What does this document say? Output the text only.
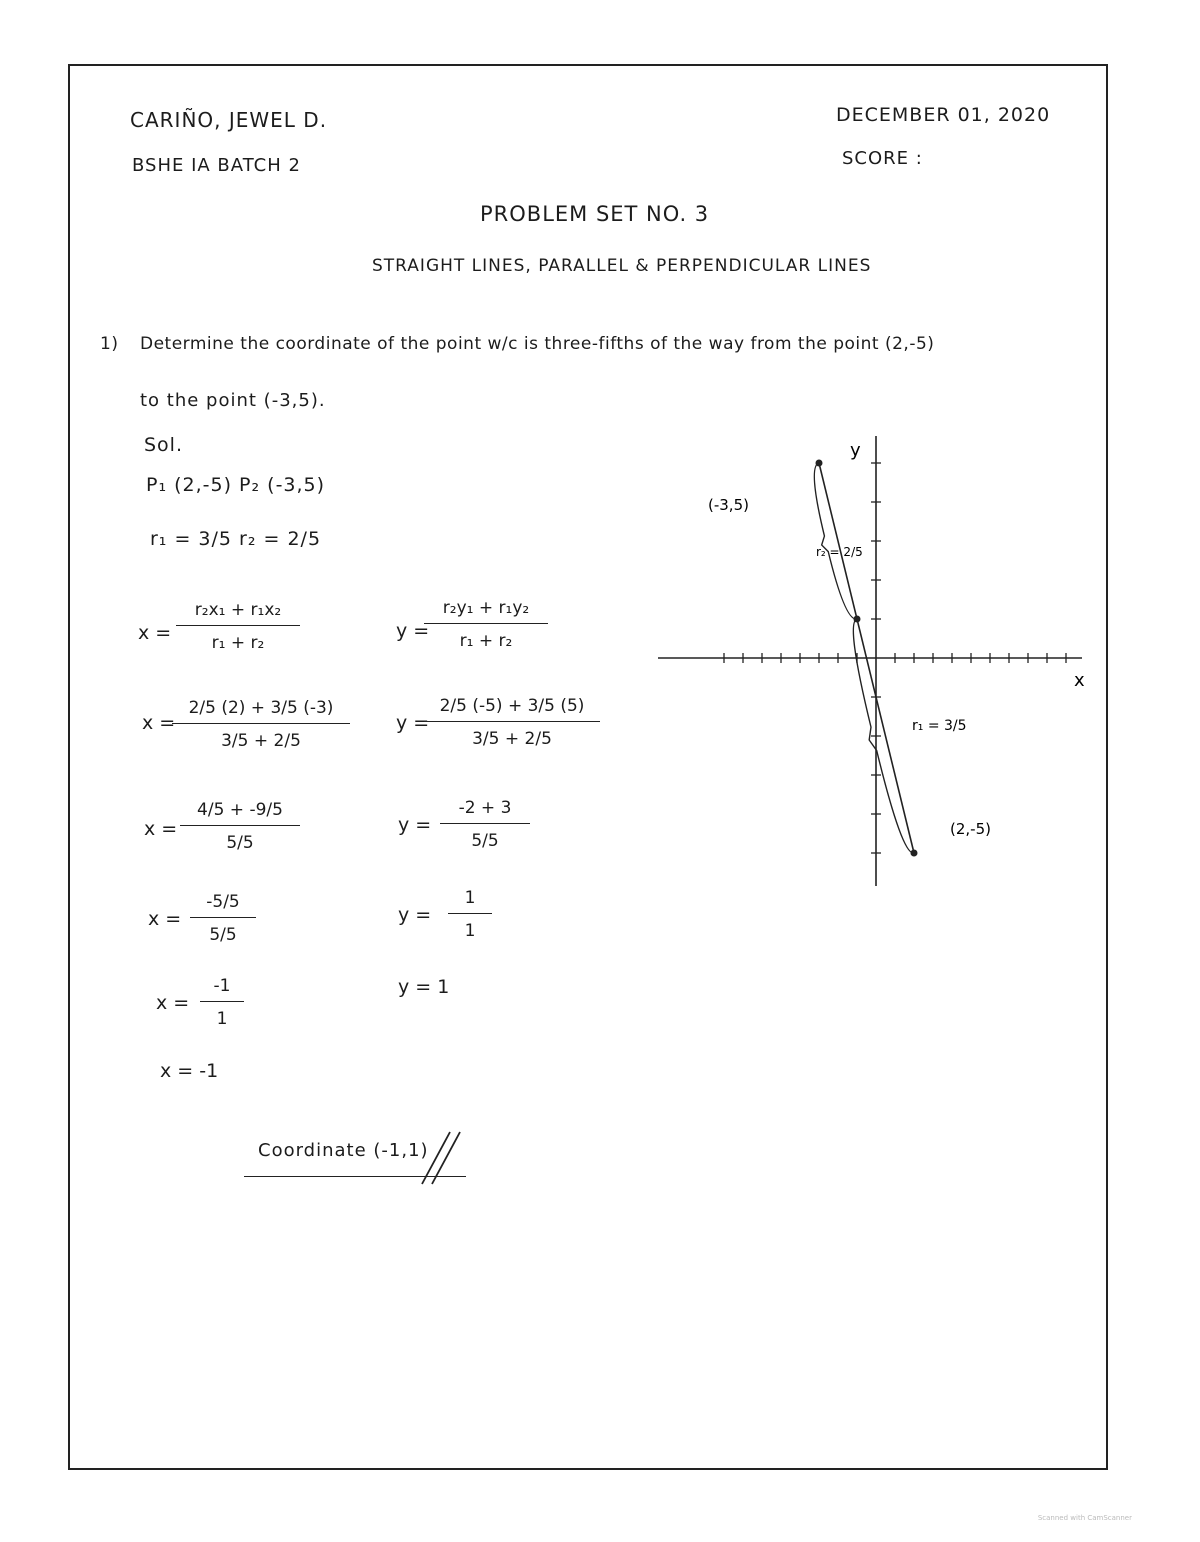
CARIÑO, JEWEL D.
BSHE IA BATCH 2
DECEMBER 01, 2020
SCORE :
PROBLEM SET NO. 3
STRAIGHT LINES, PARALLEL & PERPENDICULAR LINES
1) Determine the coordinate of the point w/c is three-fifths of the way from the point (2,-5)
to the point (-3,5).
Sol.
P₁ (2,-5) P₂ (-3,5)
r₁ = 3/5 r₂ = 2/5
x =
r₂x₁ + r₁x₂
r₁ + r₂
x =
2/5 (2) + 3/5 (-3)
3/5 + 2/5
x =
4/5 + -9/5
5/5
x =
-5/5
5/5
x =
-1
1
x = -1
y =
r₂y₁ + r₁y₂
r₁ + r₂
y =
2/5 (-5) + 3/5 (5)
3/5 + 2/5
y =
-2 + 3
5/5
y =
1
1
y = 1
Coordinate (-1,1)
x
y
(-3,5)
(2,-5)
r₂ = 2/5
r₁ = 3/5
Scanned with CamScanner
